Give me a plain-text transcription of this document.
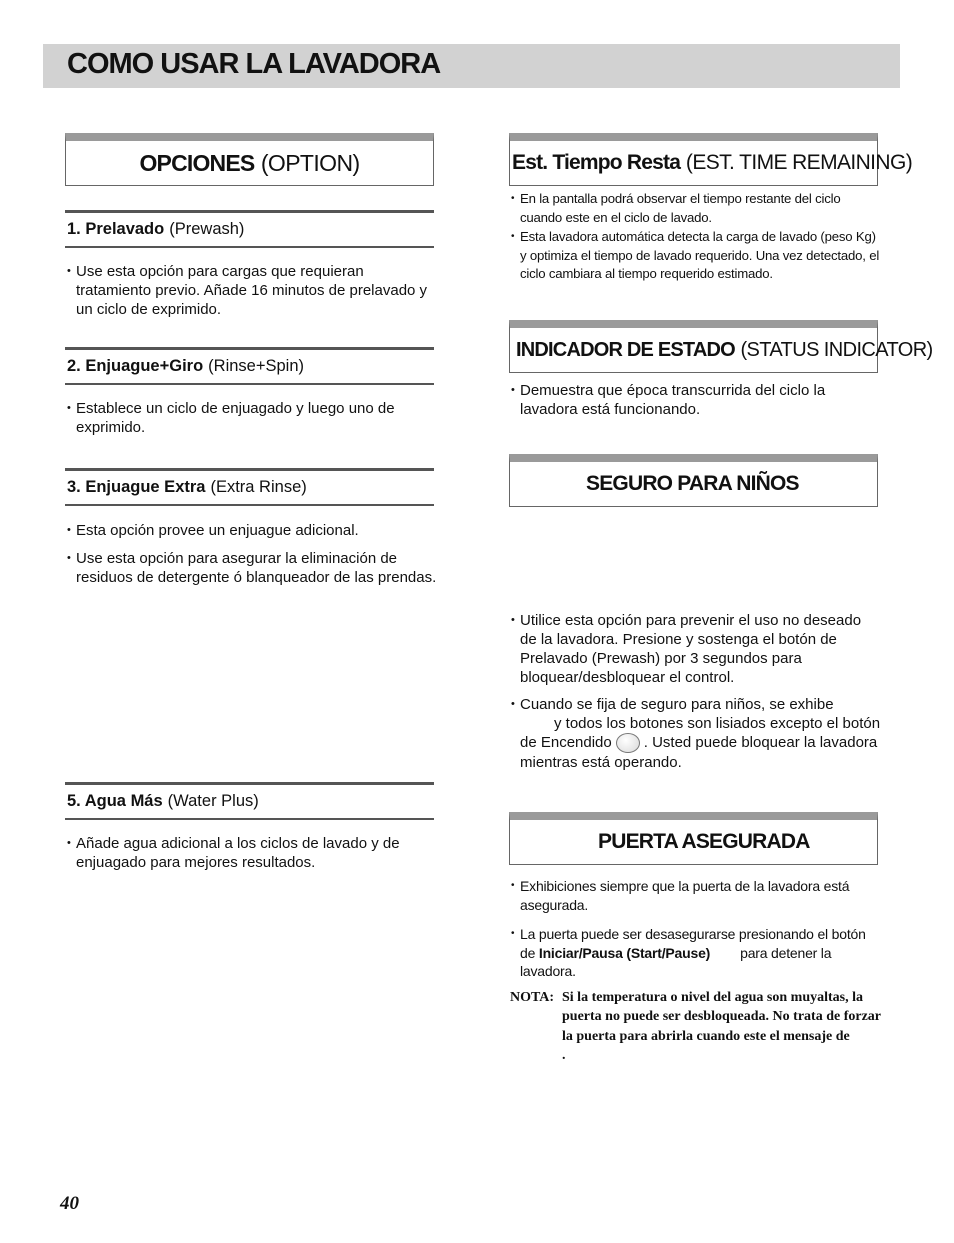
COMO USAR LA LAVADORA
OPCIONES
(OPTION)
1. Prelavado (Prewash)
• Use esta opción para cargas que requieran tratamiento previo. Añade 16 minutos de prelavado y un ciclo de exprimido.
2. Enjuague+Giro (Rinse+Spin)
• Establece un ciclo de enjuagado y luego uno de exprimido.
3. Enjuague Extra (Extra Rinse)
• Esta opción provee un enjuague adicional.
• Use esta opción para asegurar la eliminación de residuos de detergente ó blanqueador de las prendas.
5. Agua Más (Water Plus)
• Añade agua adicional a los ciclos de lavado y de enjuagado para mejores resultados.
Est. Tiempo Resta
(EST. TIME REMAINING)
• En la pantalla podrá observar el tiempo restante del ciclo cuando este en el ciclo de lavado.
• Esta lavadora automática detecta la carga de lavado (peso Kg) y optimiza el tiempo de lavado requerido. Una vez detectado, el ciclo cambiara al tiempo requerido estimado.
INDICADOR DE ESTADO
(STATUS INDICATOR)
• Demuestra que época transcurrida del ciclo la lavadora está funcionando.
SEGURO PARA NIÑOS
• Utilice esta opción para prevenir el uso no deseado de la lavadora. Presione y sostenga el botón de Prelavado (Prewash) por 3 segundos para bloquear/desbloquear el control.
• Cuando se fija de seguro para niños, se exhibe
y todos los botones son lisiados excepto el botón de Encendido . Usted puede bloquear la lavadora mientras está operando.
PUERTA ASEGURADA
• Exhibiciones siempre que la puerta de la lavadora está asegurada.
• La puerta puede ser desasegurarse presionando el botón de Iniciar/Pausa (Start/Pause) para detener la lavadora.
NOTA: Si la temperatura o nivel del agua son muyaltas, la puerta no puede ser desbloqueada. No trata de forzar la puerta para abrirla cuando este el mensaje de.
40
